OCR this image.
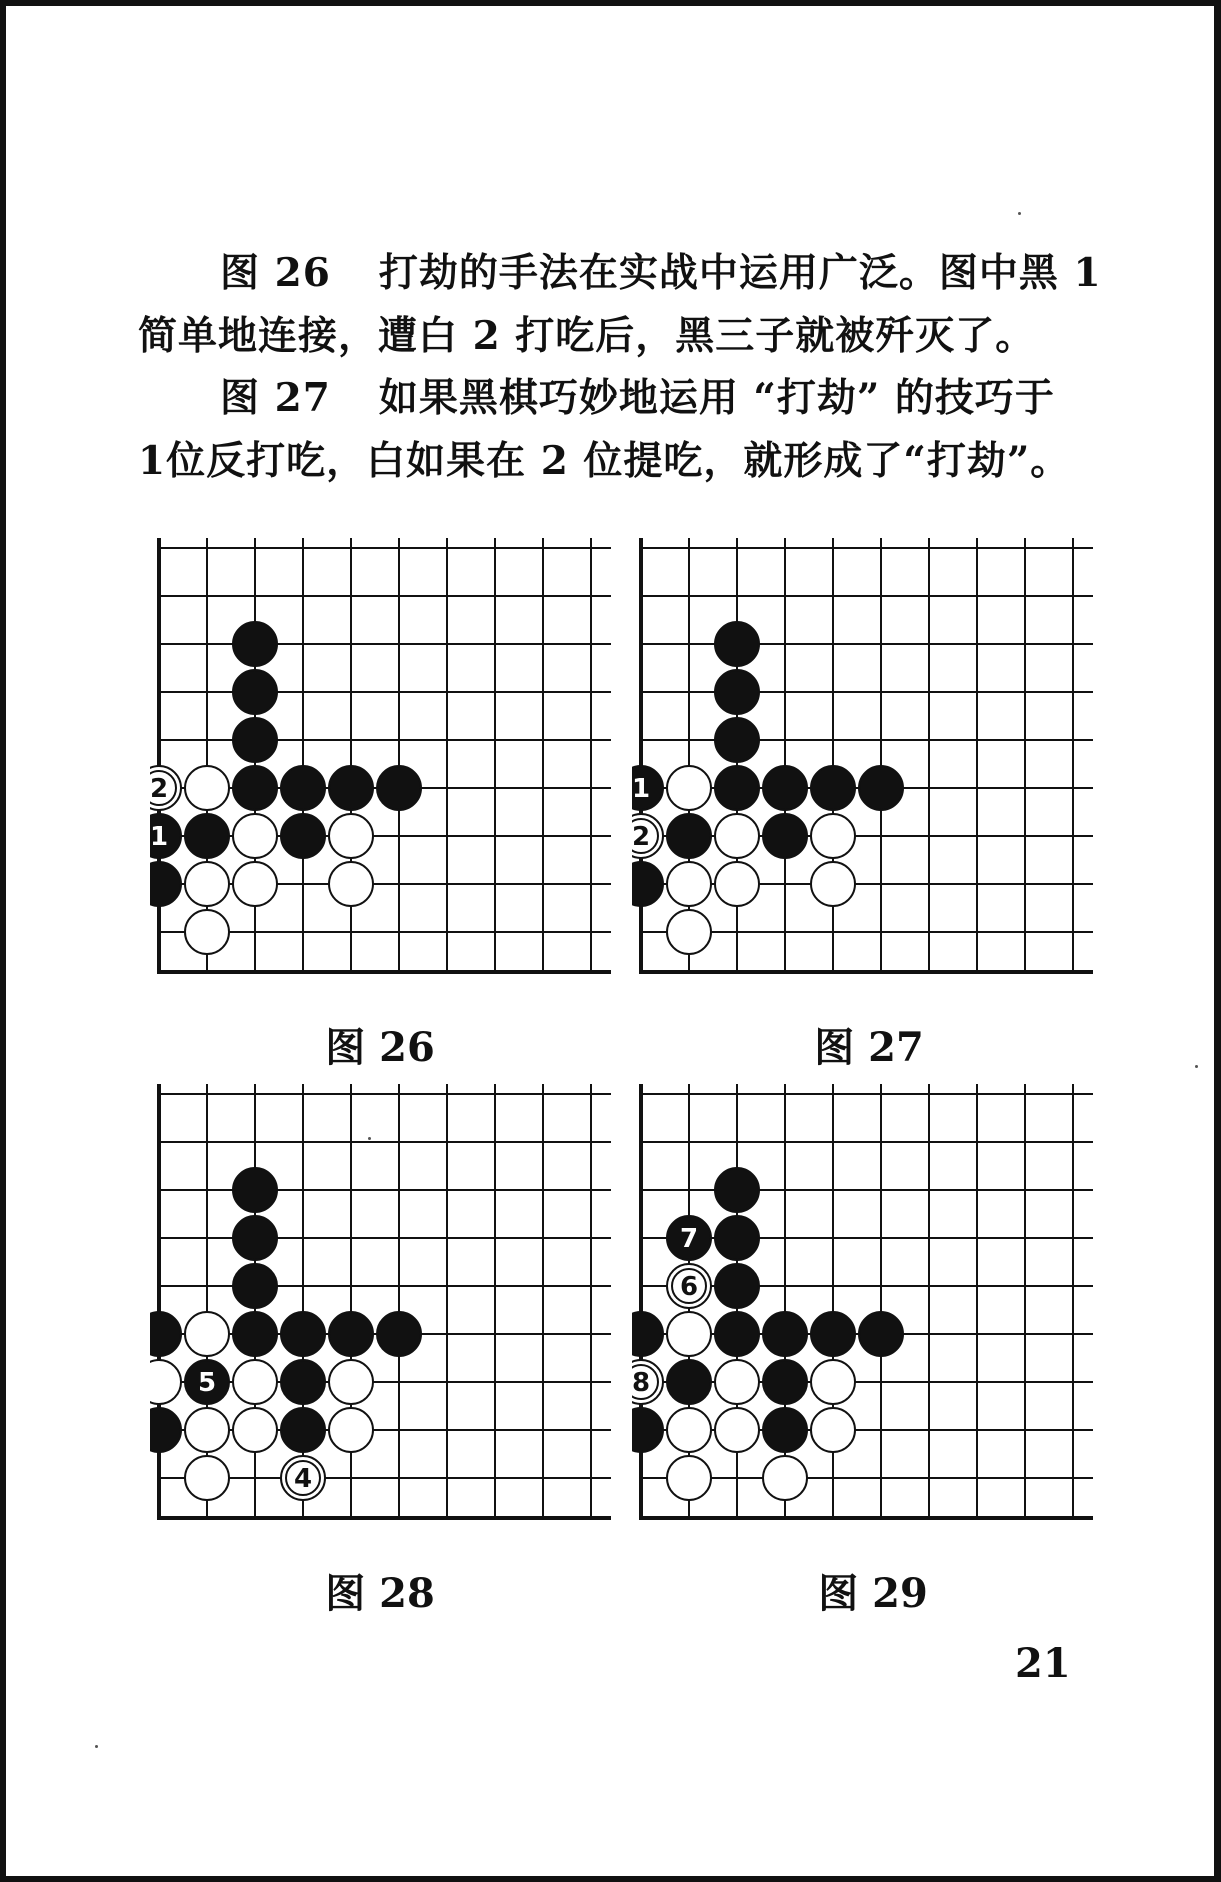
图 26 打劫的手法在实战中运用广泛。图中黑 1
简单地连接，遭白 2 打吃后，黑三子就被歼灭了。

图 27 如果黑棋巧妙地运用 “打劫” 的技巧于
1位反打吃，白如果在 2 位提吃，就形成了“打劫”。

1
2	1
2
5
4
7
6
8
图 26	图 27
图 28	图 29
21
